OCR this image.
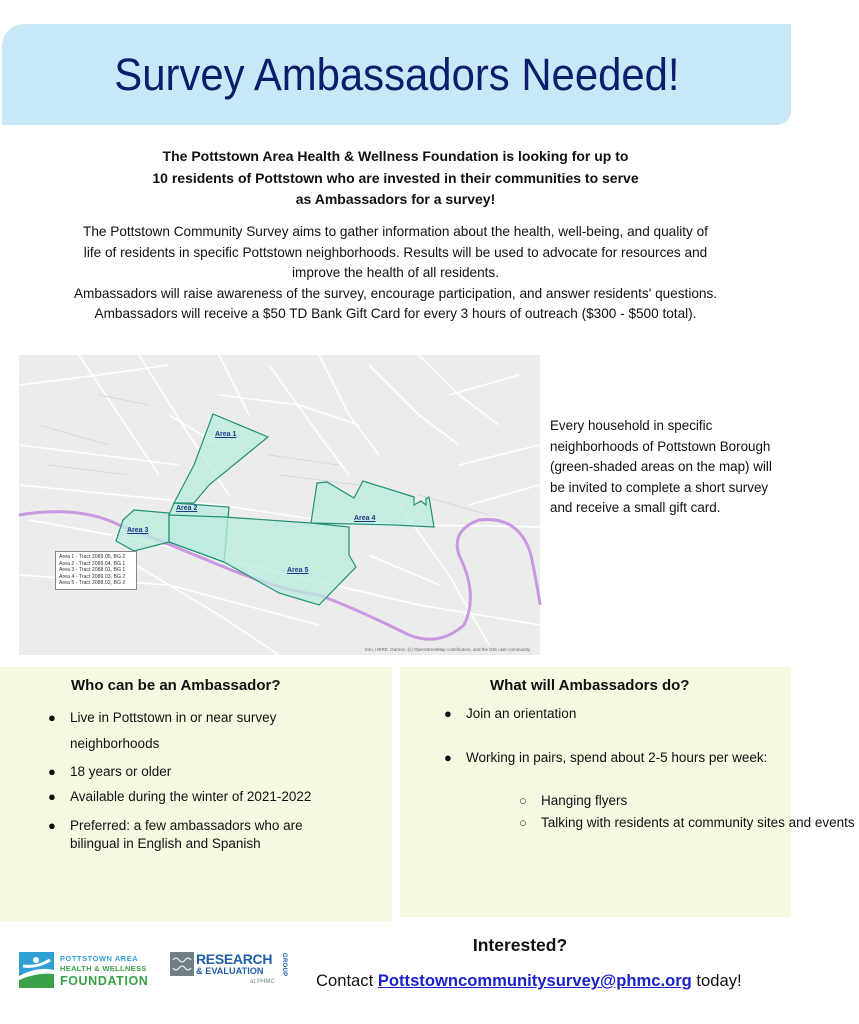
Survey Ambassadors Needed!
The Pottstown Area Health & Wellness Foundation is looking for up to
10 residents of Pottstown who are invested in their communities to serve
as Ambassadors for a survey!
The Pottstown Community Survey aims to gather information about the health, well-being, and quality of
life of residents in specific Pottstown neighborhoods. Results will be used to advocate for resources and
improve the health of all residents.
Ambassadors will raise awareness of the survey, encourage participation, and answer residents' questions.
Ambassadors will receive a $50 TD Bank Gift Card for every 3 hours of outreach ($300 - $500 total).
Area 1
Area 2
Area 3
Area 4
Area 5
Area 1 - Tract 2089.05, BG 2
Area 2 - Tract 2089.04, BG 1
Area 3 - Tract 2088.01, BG 1
Area 4 - Tract 2089.03, BG 2
Area 5 - Tract 2088.02, BG 2
Esri, HERE, Garmin, (c) OpenStreetMap contributors, and the GIS user community
Every household in specific neighborhoods of Pottstown Borough (green-shaded areas on the map) will be invited to complete a short survey and receive a small gift card.
Who can be an Ambassador?
● Live in Pottstown in or near survey neighborhoods
● 18 years or older
● Available during the winter of 2021-2022
● Preferred: a few ambassadors who are bilingual in English and Spanish
What will Ambassadors do?
● Join an orientation
● Working in pairs, spend about 2-5 hours per week:
○ Hanging flyers
○ Talking with residents at community sites and events
POTTSTOWN AREA
HEALTH & WELLNESS
FOUNDATION
RESEARCH
& EVALUATION	GROUP
at PHMC
Interested?
Contact Pottstowncommunitysurvey@phmc.org today!
